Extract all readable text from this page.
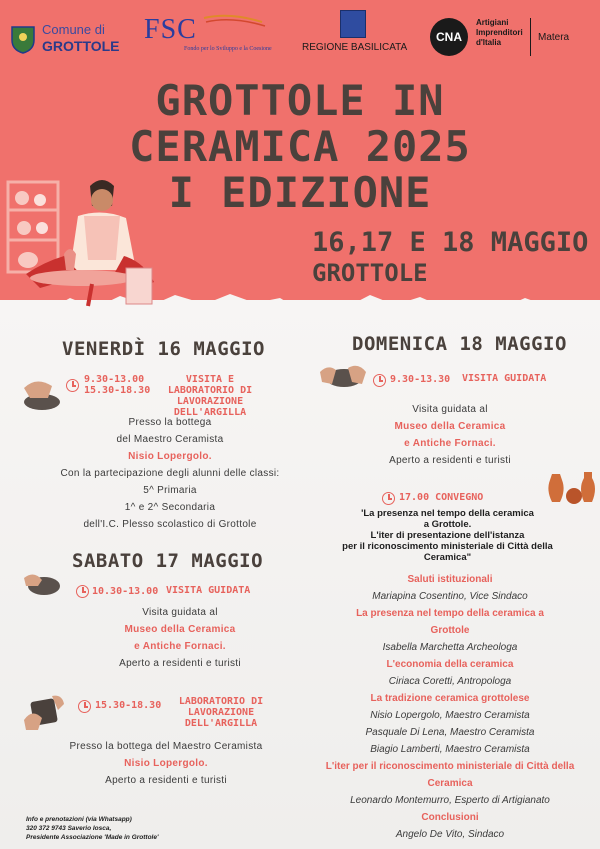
Comune di
GROTTOLE
FSC
Fondo per lo Sviluppo e la Coesione	REGIONE BASILICATA
CNA
Artigiani
Imprenditori
d'Italia	Matera
GROTTOLE IN
CERAMICA 2025
I EDIZIONE
16,17 E 18 MAGGIO
GROTTOLE
VENERDÌ 16 MAGGIO
9.30-13.00
15.30-18.30
VISITA E LABORATORIO DI LAVORAZIONE DELL'ARGILLA
Presso la bottega
del Maestro Ceramista
Nisio Lopergolo.
Con la partecipazione degli alunni delle classi:
5^ Primaria
1^ e 2^ Secondaria
dell'I.C. Plesso scolastico di Grottole
SABATO 17 MAGGIO
10.30-13.00 VISITA GUIDATA
Visita guidata al
Museo della Ceramica
e Antiche Fornaci.
Aperto a residenti e turisti
15.30-18.30	LABORATORIO DI LAVORAZIONE DELL'ARGILLA
Presso la bottega del Maestro Ceramista
Nisio Lopergolo.
Aperto a residenti e turisti
DOMENICA 18 MAGGIO
9.30-13.30 VISITA GUIDATA
Visita guidata al
Museo della Ceramica
e Antiche Fornaci.
Aperto a residenti e turisti
17.00 CONVEGNO
'La presenza nel tempo della ceramica
a Grottole.
L'iter di presentazione dell'istanza
per il riconoscimento ministeriale di Città della
Ceramica"
Saluti istituzionali
Mariapina Cosentino, Vice Sindaco
La presenza nel tempo della ceramica a Grottole
Isabella Marchetta Archeologa
L'economia della ceramica
Ciriaca Coretti, Antropologa
La tradizione ceramica grottolese
Nisio Lopergolo, Maestro Ceramista
Pasquale Di Lena, Maestro Ceramista
Biagio Lamberti, Maestro Ceramista
L'iter per il riconoscimento ministeriale di Città della Ceramica
Leonardo Montemurro, Esperto di Artigianato
Conclusioni
Angelo De Vito, Sindaco
Info e prenotazioni (via Whatsapp)
320 372 9743 Saverio Iosca,
Presidente Associazione 'Made in Grottole'
